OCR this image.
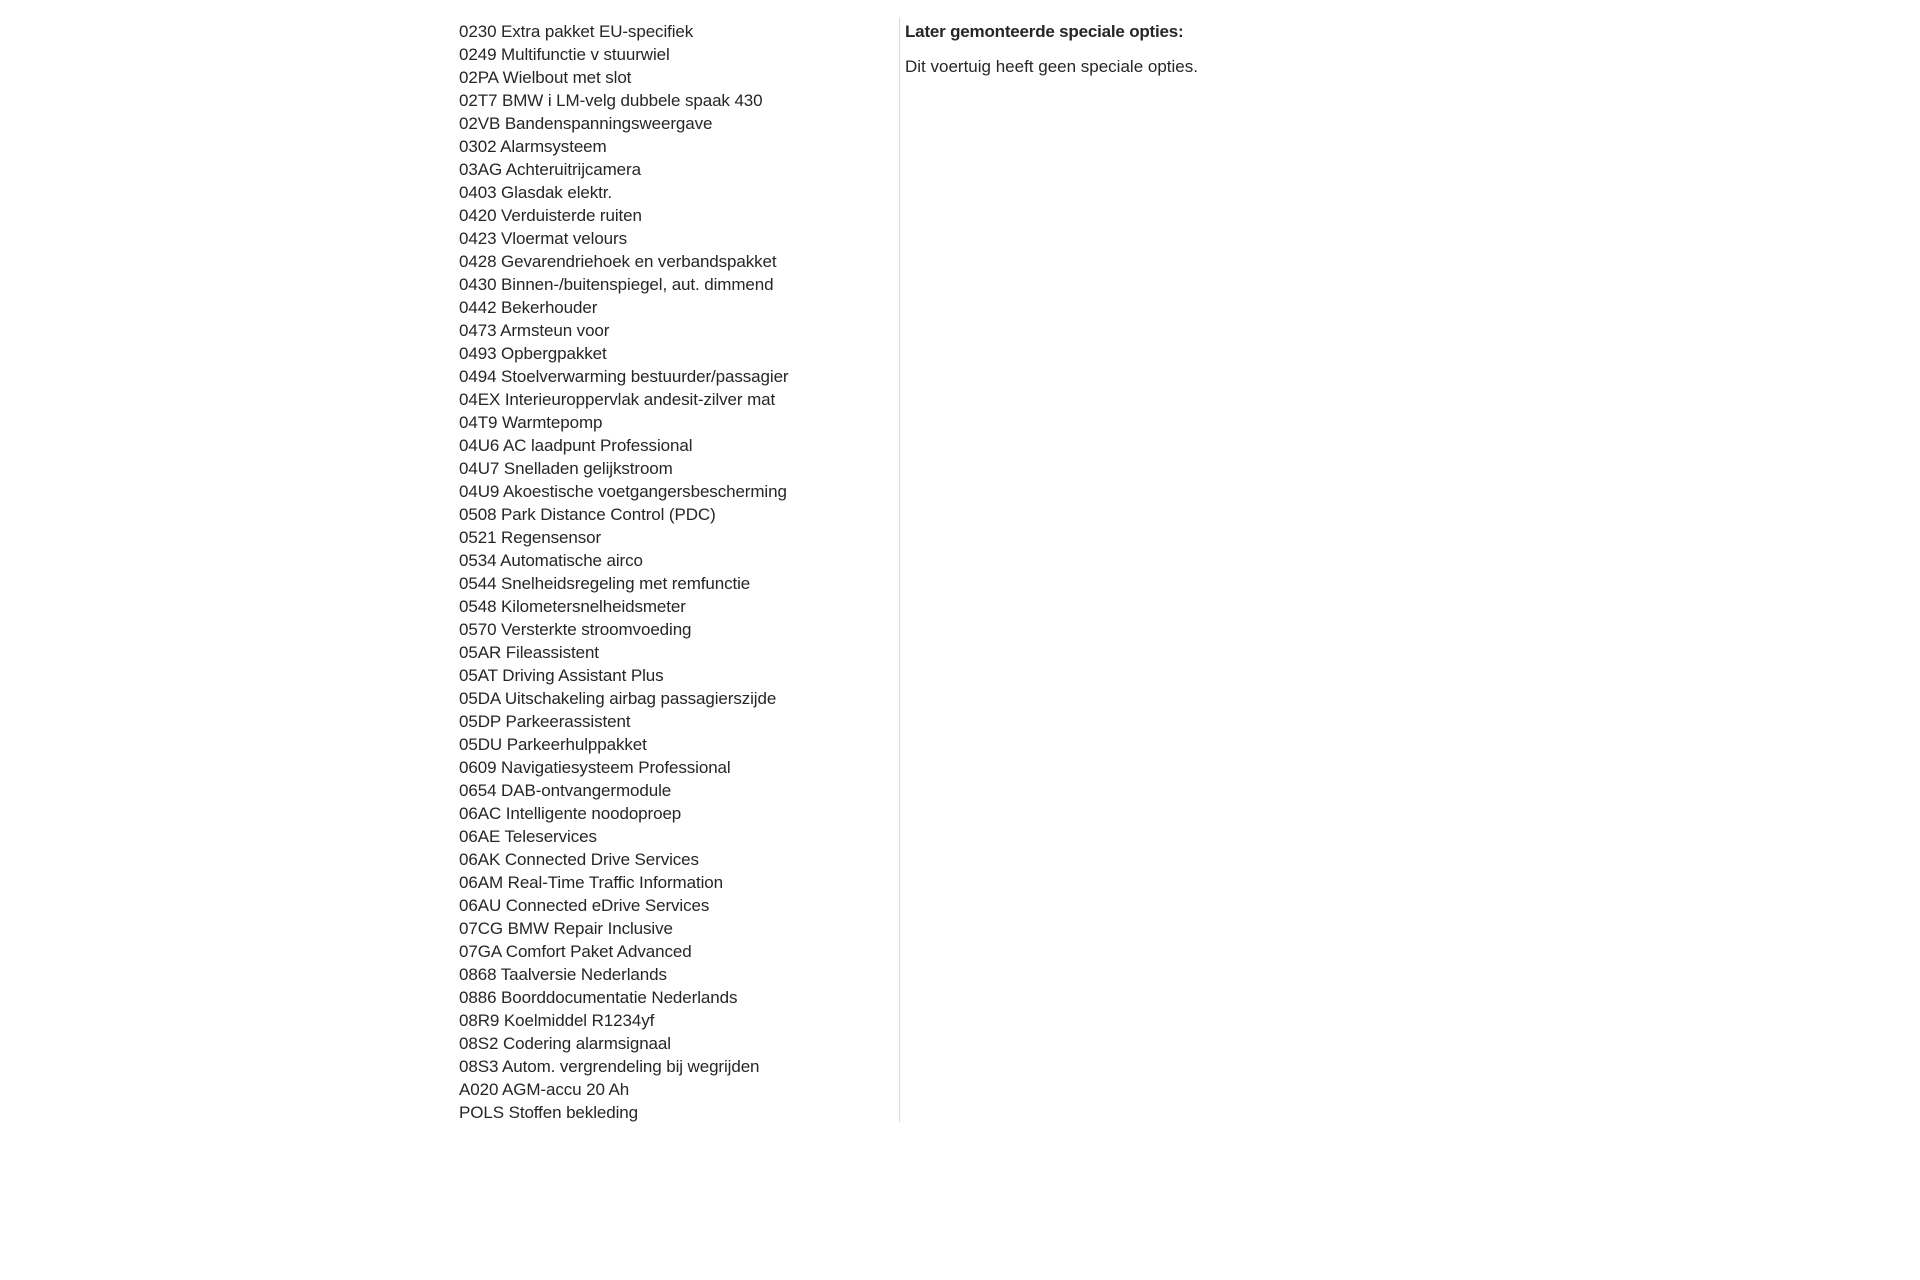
0230 Extra pakket EU-specifiek
0249 Multifunctie v stuurwiel
02PA Wielbout met slot
02T7 BMW i LM-velg dubbele spaak 430
02VB Bandenspanningsweergave
0302 Alarmsysteem
03AG Achteruitrijcamera
0403 Glasdak elektr.
0420 Verduisterde ruiten
0423 Vloermat velours
0428 Gevarendriehoek en verbandspakket
0430 Binnen-/buitenspiegel, aut. dimmend
0442 Bekerhouder
0473 Armsteun voor
0493 Opbergpakket
0494 Stoelverwarming bestuurder/passagier
04EX Interieuroppervlak andesit-zilver mat
04T9 Warmtepomp
04U6 AC laadpunt Professional
04U7 Snelladen gelijkstroom
04U9 Akoestische voetgangersbescherming
0508 Park Distance Control (PDC)
0521 Regensensor
0534 Automatische airco
0544 Snelheidsregeling met remfunctie
0548 Kilometersnelheidsmeter
0570 Versterkte stroomvoeding
05AR Fileassistent
05AT Driving Assistant Plus
05DA Uitschakeling airbag passagierszijde
05DP Parkeerassistent
05DU Parkeerhulppakket
0609 Navigatiesysteem Professional
0654 DAB-ontvangermodule
06AC Intelligente noodoproep
06AE Teleservices
06AK Connected Drive Services
06AM Real-Time Traffic Information
06AU Connected eDrive Services
07CG BMW Repair Inclusive
07GA Comfort Paket Advanced
0868 Taalversie Nederlands
0886 Boorddocumentatie Nederlands
08R9 Koelmiddel R1234yf
08S2 Codering alarmsignaal
08S3 Autom. vergrendeling bij wegrijden
A020 AGM-accu 20 Ah
POLS Stoffen bekleding

Later gemonteerde speciale opties:

Dit voertuig heeft geen speciale opties.
